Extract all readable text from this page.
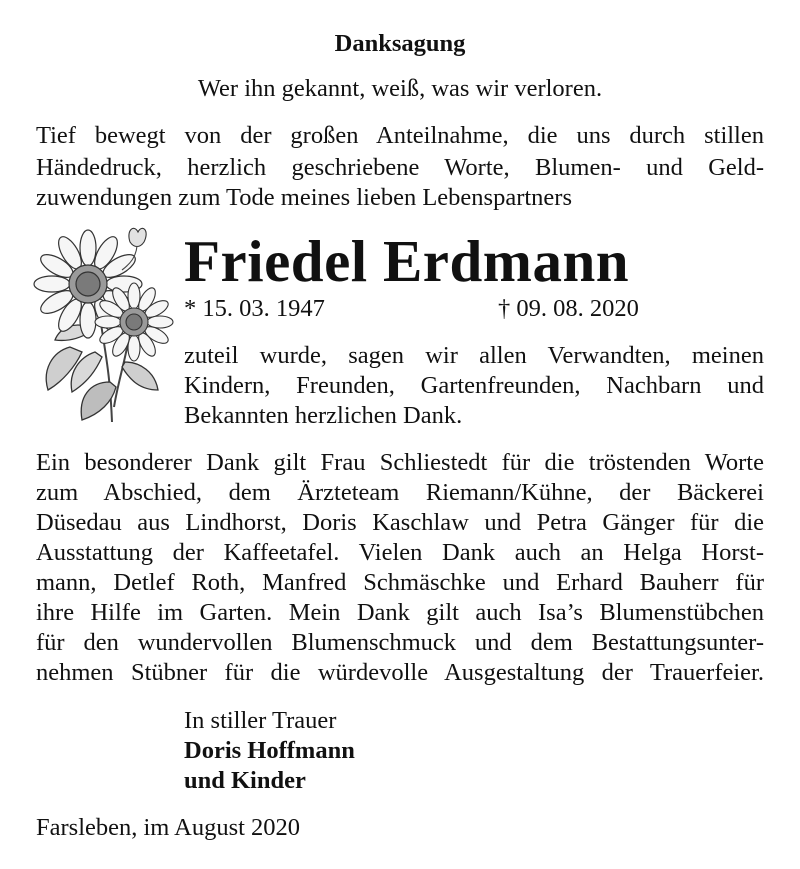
Danksagung
Wer ihn gekannt, weiß, was wir verloren.
Tief bewegt von der großen Anteilnahme, die uns durch stillen
Händedruck, herzlich geschriebene Worte, Blumen- und Geld-
zuwendungen zum Tode meines lieben Lebenspartners
Friedel Erdmann
* 15. 03. 1947	† 09. 08. 2020
zuteil wurde, sagen wir allen Verwandten, meinen
Kindern, Freunden, Gartenfreunden, Nachbarn und
Bekannten herzlichen Dank.
Ein besonderer Dank gilt Frau Schliestedt für die tröstenden Worte
zum Abschied, dem Ärzteteam Riemann/Kühne, der Bäckerei
Düsedau aus Lindhorst, Doris Kaschlaw und Petra Gänger für die
Ausstattung der Kaffeetafel. Vielen Dank auch an Helga Horst-
mann, Detlef Roth, Manfred Schmäschke und Erhard Bauherr für
ihre Hilfe im Garten. Mein Dank gilt auch Isa’s Blumenstübchen
für den wundervollen Blumenschmuck und dem Bestattungsunter-
nehmen Stübner für die würdevolle Ausgestaltung der Trauerfeier.
In stiller Trauer
Doris Hoffmann
und Kinder
Farsleben, im August 2020
